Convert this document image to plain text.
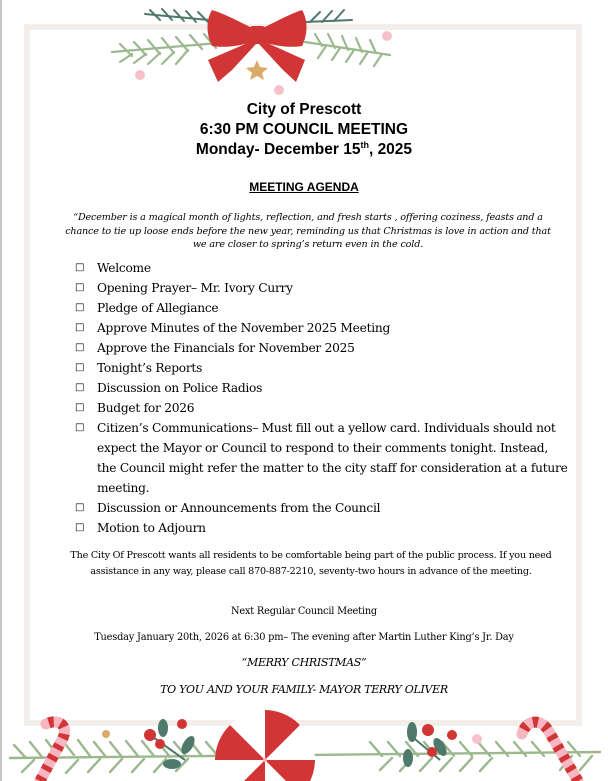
City of Prescott
6:30 PM COUNCIL MEETING
Monday- December 15th, 2025
MEETING AGENDA
“December is a magical month of lights, reflection, and fresh starts , offering coziness, feasts and a chance to tie up loose ends before the new year, reminding us that Christmas is love in action and that we are closer to spring’s return even in the cold.
□	Welcome
□	Opening Prayer– Mr. Ivory Curry
□	Pledge of Allegiance
□	Approve Minutes of the November 2025 Meeting
□	Approve the Financials for November 2025
□	Tonight’s Reports
□	Discussion on Police Radios
□	Budget for 2026
□	Citizen’s Communications– Must fill out a yellow card. Individuals should not expect the Mayor or Council to respond to their comments tonight. Instead, the Council might refer the matter to the city staff for consideration at a future meeting.
□	Discussion or Announcements from the Council
□	Motion to Adjourn
The City Of Prescott wants all residents to be comfortable being part of the public process. If you need assistance in any way, please call 870-887-2210, seventy-two hours in advance of the meeting.
Next Regular Council Meeting
Tuesday January 20th, 2026 at 6:30 pm– The evening after Martin Luther King’s Jr. Day
“MERRY CHRISTMAS”
TO YOU AND YOUR FAMILY- MAYOR TERRY OLIVER
